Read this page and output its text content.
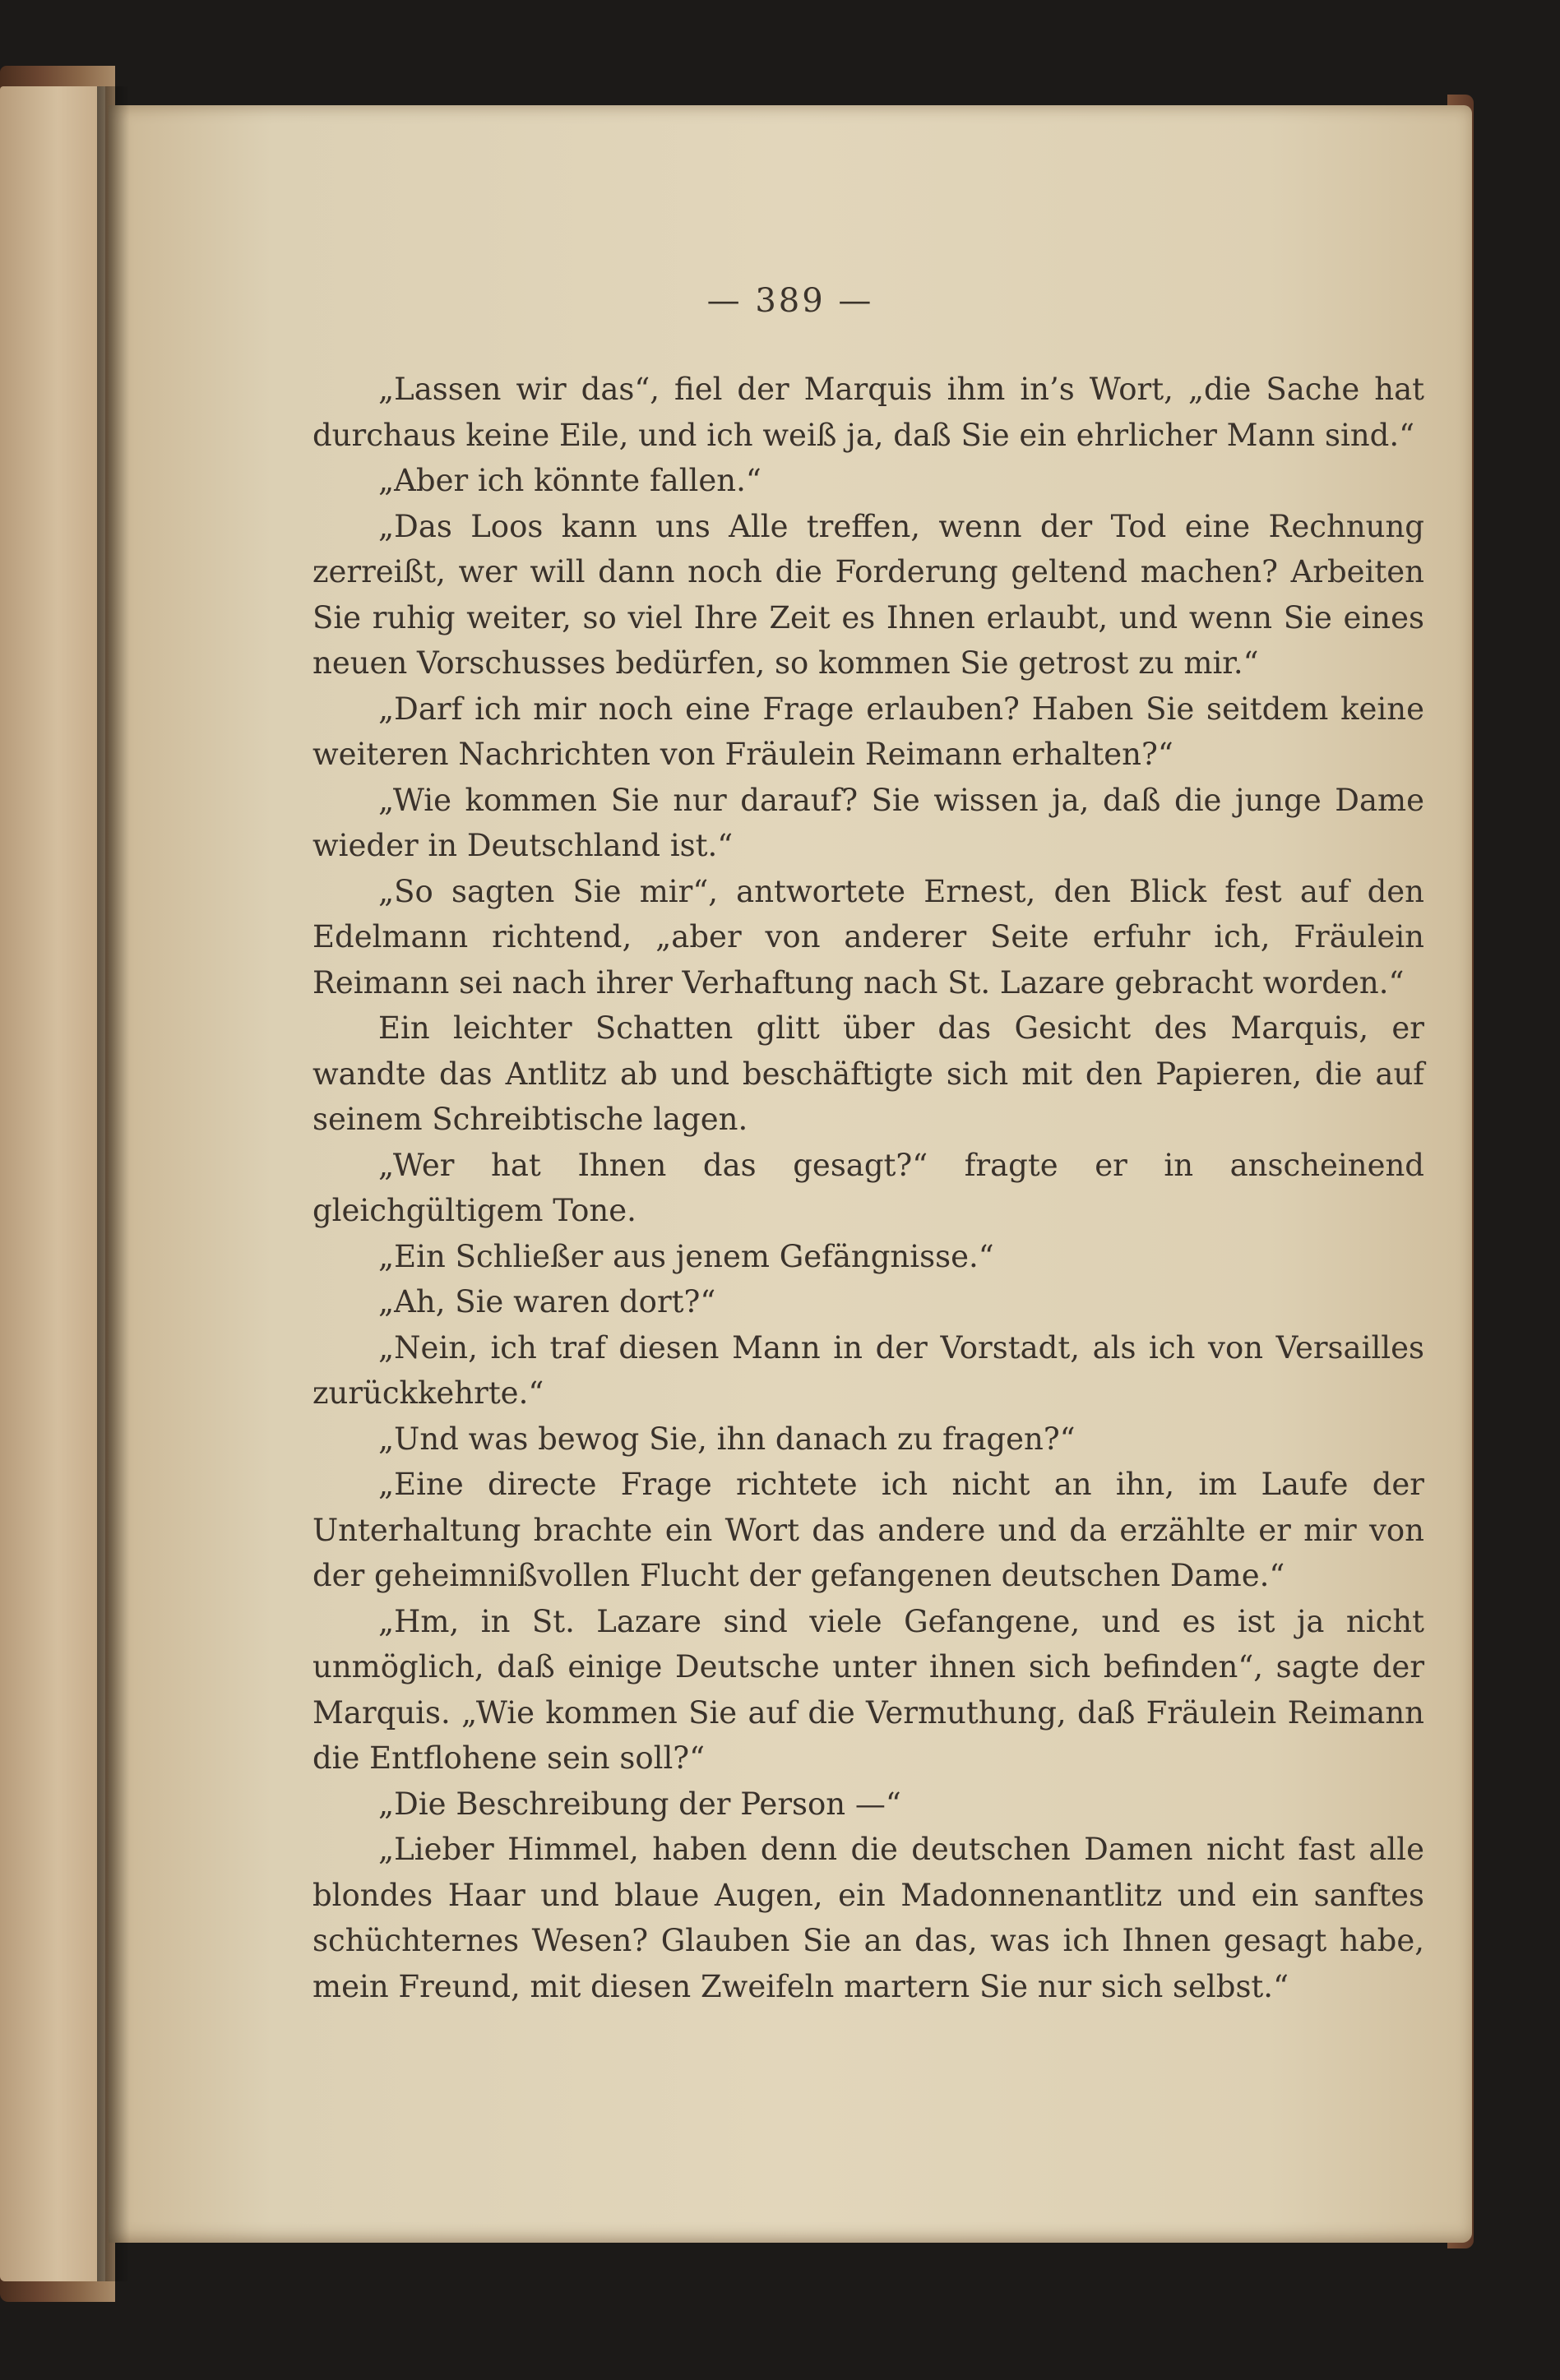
— 389 —

„Lassen wir das“, fiel der Marquis ihm in’s Wort, „die Sache hat durchaus keine Eile, und ich weiß ja, daß Sie ein ehrlicher Mann sind.“

„Aber ich könnte fallen.“

„Das Loos kann uns Alle treffen, wenn der Tod eine Rechnung zerreißt, wer will dann noch die Forderung geltend machen? Arbeiten Sie ruhig weiter, so viel Ihre Zeit es Ihnen erlaubt, und wenn Sie eines neuen Vorschusses bedürfen, so kommen Sie getrost zu mir.“

„Darf ich mir noch eine Frage erlauben? Haben Sie seitdem keine weiteren Nachrichten von Fräulein Reimann erhalten?“

„Wie kommen Sie nur darauf? Sie wissen ja, daß die junge Dame wieder in Deutschland ist.“

„So sagten Sie mir“, antwortete Ernest, den Blick fest auf den Edelmann richtend, „aber von anderer Seite erfuhr ich, Fräulein Reimann sei nach ihrer Verhaftung nach St. Lazare gebracht worden.“

Ein leichter Schatten glitt über das Gesicht des Marquis, er wandte das Antlitz ab und beschäftigte sich mit den Papieren, die auf seinem Schreibtische lagen.

„Wer hat Ihnen das gesagt?“ fragte er in anscheinend gleichgültigem Tone.

„Ein Schließer aus jenem Gefängnisse.“

„Ah, Sie waren dort?“

„Nein, ich traf diesen Mann in der Vorstadt, als ich von Versailles zurückkehrte.“

„Und was bewog Sie, ihn danach zu fragen?“

„Eine directe Frage richtete ich nicht an ihn, im Laufe der Unterhaltung brachte ein Wort das andere und da erzählte er mir von der geheimnißvollen Flucht der gefangenen deutschen Dame.“

„Hm, in St. Lazare sind viele Gefangene, und es ist ja nicht unmöglich, daß einige Deutsche unter ihnen sich befinden“, sagte der Marquis. „Wie kommen Sie auf die Vermuthung, daß Fräulein Reimann die Entflohene sein soll?“

„Die Beschreibung der Person —“

„Lieber Himmel, haben denn die deutschen Damen nicht fast alle blondes Haar und blaue Augen, ein Madonnenantlitz und ein sanftes schüchternes Wesen? Glauben Sie an das, was ich Ihnen gesagt habe, mein Freund, mit diesen Zweifeln martern Sie nur sich selbst.“
